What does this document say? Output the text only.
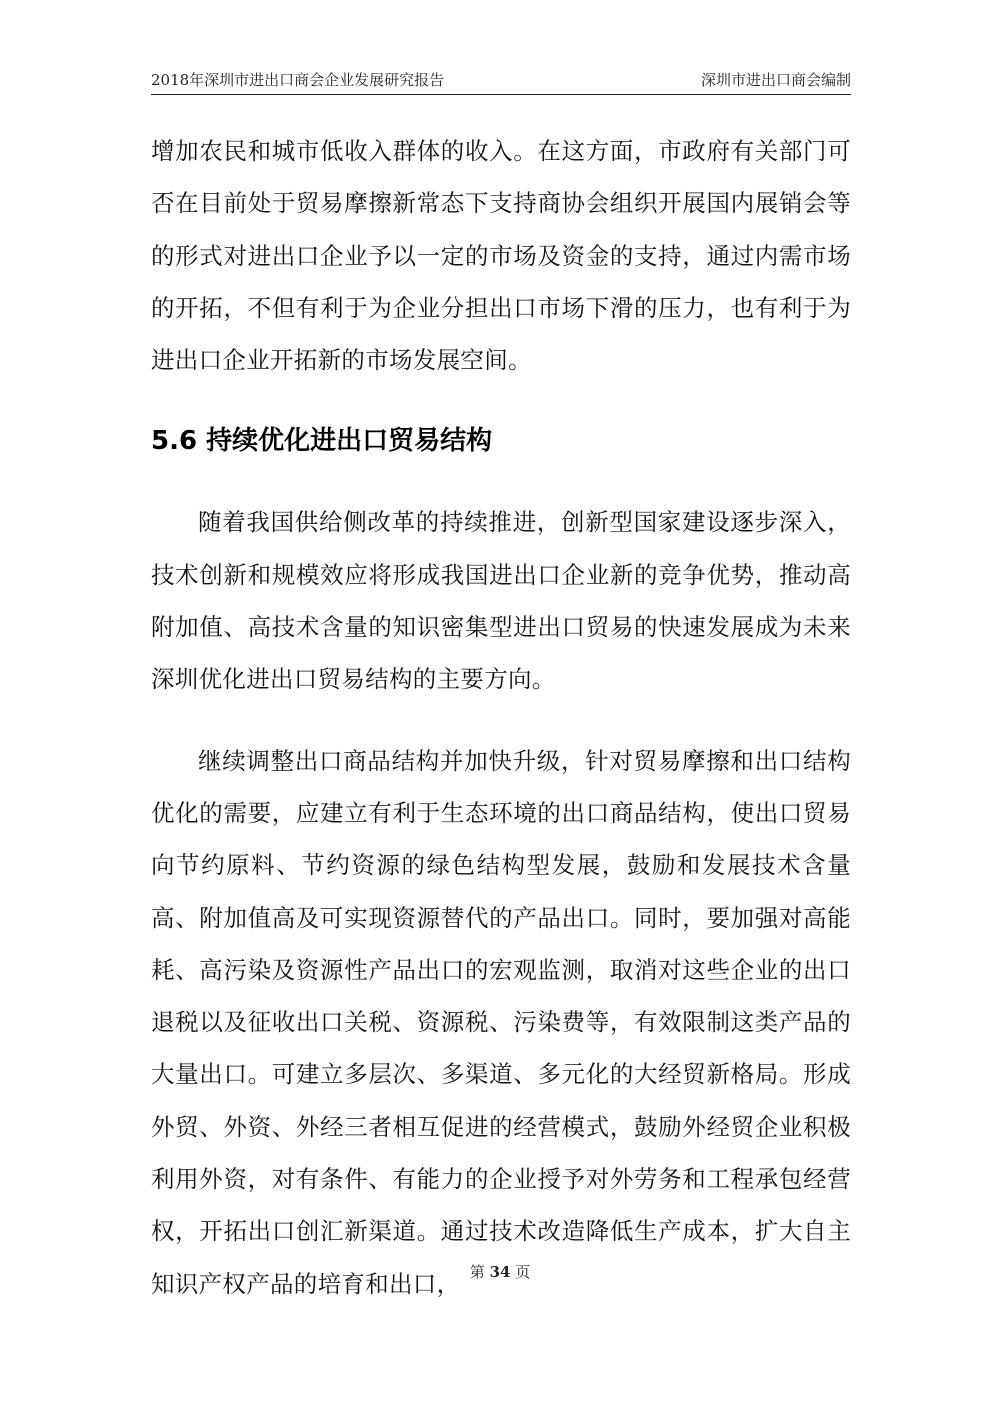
2018年深圳市进出口商会企业发展研究报告	深圳市进出口商会编制

增加农民和城市低收入群体的收入。在这方面，市政府有关部门可否在目前处于贸易摩擦新常态下支持商协会组织开展国内展销会等的形式对进出口企业予以一定的市场及资金的支持，通过内需市场的开拓，不但有利于为企业分担出口市场下滑的压力，也有利于为进出口企业开拓新的市场发展空间。

5.6 持续优化进出口贸易结构

随着我国供给侧改革的持续推进，创新型国家建设逐步深入，技术创新和规模效应将形成我国进出口企业新的竞争优势，推动高附加值、高技术含量的知识密集型进出口贸易的快速发展成为未来深圳优化进出口贸易结构的主要方向。

继续调整出口商品结构并加快升级，针对贸易摩擦和出口结构优化的需要，应建立有利于生态环境的出口商品结构，使出口贸易向节约原料、节约资源的绿色结构型发展，鼓励和发展技术含量高、附加值高及可实现资源替代的产品出口。同时，要加强对高能耗、高污染及资源性产品出口的宏观监测，取消对这些企业的出口退税以及征收出口关税、资源税、污染费等，有效限制这类产品的大量出口。可建立多层次、多渠道、多元化的大经贸新格局。形成外贸、外资、外经三者相互促进的经营模式，鼓励外经贸企业积极利用外资，对有条件、有能力的企业授予对外劳务和工程承包经营权，开拓出口创汇新渠道。通过技术改造降低生产成本，扩大自主知识产权产品的培育和出口， 第 34 页
